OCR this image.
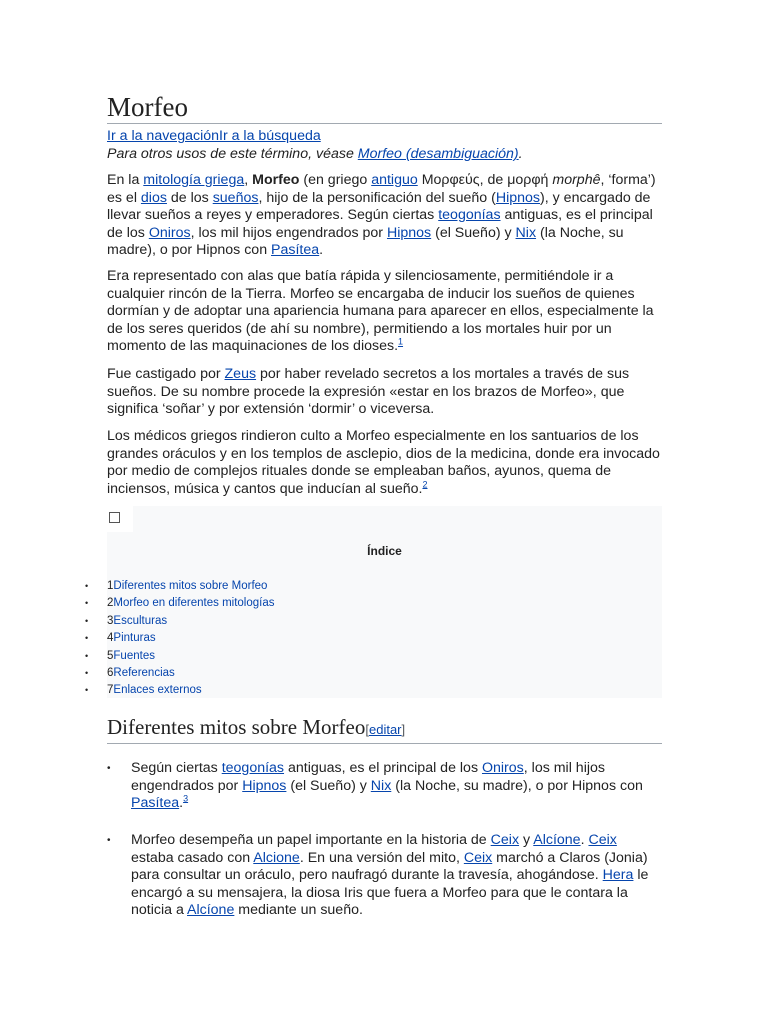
Morfeo
Ir a la navegaciónIr a la búsqueda
Para otros usos de este término, véase Morfeo (desambiguación).
En la mitología griega, Morfeo (en griego antiguo Μορφεύς, de μορφή morphê, ‘forma’) es el dios de los sueños, hijo de la personificación del sueño (Hipnos), y encargado de llevar sueños a reyes y emperadores. Según ciertas teogonías antiguas, es el principal de los Oniros, los mil hijos engendrados por Hipnos (el Sueño) y Nix (la Noche, su madre), o por Hipnos con Pasítea.
Era representado con alas que batía rápida y silenciosamente, permitiéndole ir a cualquier rincón de la Tierra. Morfeo se encargaba de inducir los sueños de quienes dormían y de adoptar una apariencia humana para aparecer en ellos, especialmente la de los seres queridos (de ahí su nombre), permitiendo a los mortales huir por un momento de las maquinaciones de los dioses.$^1$
Fue castigado por Zeus por haber revelado secretos a los mortales a través de sus sueños. De su nombre procede la expresión «estar en los brazos de Morfeo», que significa ‘soñar’ y por extensión ‘dormir’ o viceversa.
Los médicos griegos rindieron culto a Morfeo especialmente en los santuarios de los grandes oráculos y en los templos de asclepio, dios de la medicina, donde era invocado por medio de complejos rituales donde se empleaban baños, ayunos, quema de inciensos, música y cantos que inducían al sueño.$^2$
Índice
• 1Diferentes mitos sobre Morfeo
• 2Morfeo en diferentes mitologías
• 3Esculturas
• 4Pinturas
• 5Fuentes
• 6Referencias
• 7Enlaces externos
Diferentes mitos sobre Morfeo[editar]
• Según ciertas teogonías antiguas, es el principal de los Oniros, los mil hijos engendrados por Hipnos (el Sueño) y Nix (la Noche, su madre), o por Hipnos con Pasítea.$^3$
• Morfeo desempeña un papel importante en la historia de Ceix y Alcíone. Ceix estaba casado con Alcione. En una versión del mito, Ceix marchó a Claros (Jonia) para consultar un oráculo, pero naufragó durante la travesía, ahogándose. Hera le encargó a su mensajera, la diosa Iris que fuera a Morfeo para que le contara la noticia a Alcíone mediante un sueño.
